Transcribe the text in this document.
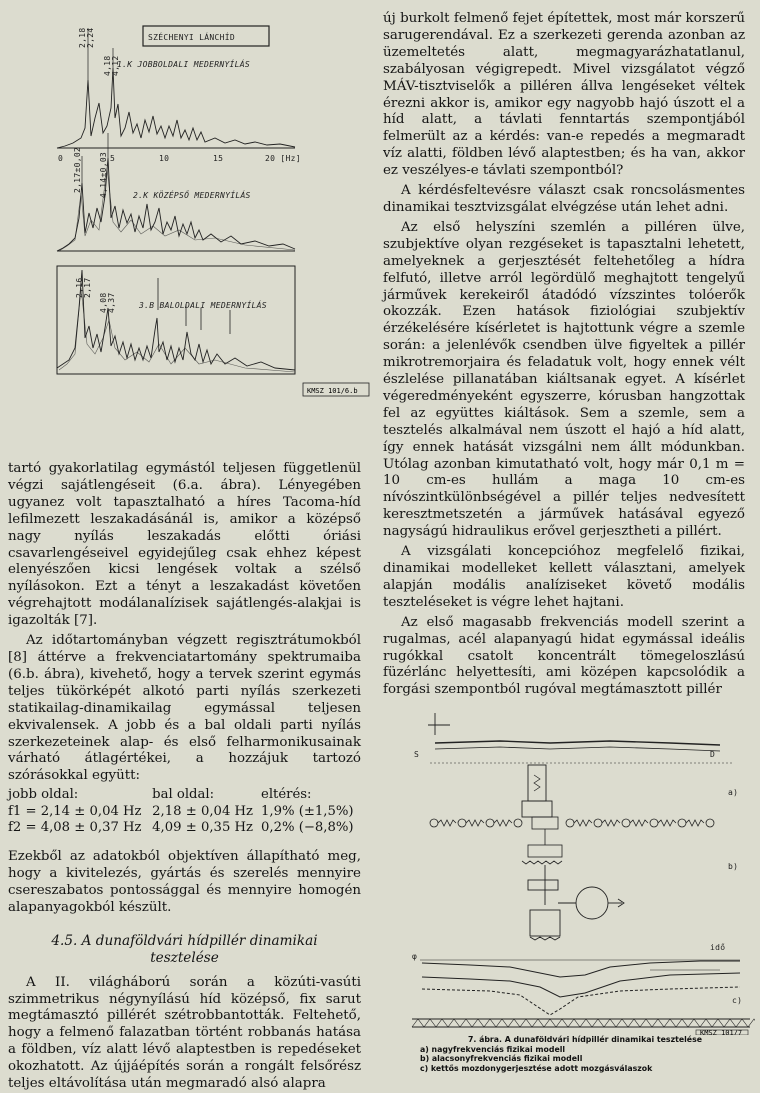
SZÉCHENYI LÁNCHÍD
1.K JOBBOLDALI MEDERNYÍLÁS
2.K KÖZÉPSŐ MEDERNYÍLÁS
3.B BALOLDALI MEDERNYÍLÁS
2,18 2,24
4,18 4,12
2,17±0,02 4,14±0,03
2,16 2,17
4,08 4,37
0	5	10	15	20 [Hz]
KMSZ 101/6.b

tartó gyakorlatilag egymástól teljesen függetlenül végzi sajátlengéseit (6.a. ábra). Lényegében ugyanez volt tapasztalható a híres Tacoma-híd lefilmezett leszakadásánál is, amikor a középső nagy nyílás leszakadás előtti óriási csavarlengéseivel egyidejűleg csak ehhez képest elenyészően kicsi lengések voltak a szélső nyílásokon. Ezt a tényt a leszakadást követően végrehajtott modálanalízisek sajátlengés-alakjai is igazolták [7].

Az időtartományban végzett regisztrátumokból [8] áttérve a frekvenciatartomány spektrumaiba (6.b. ábra), kivehető, hogy a tervek szerint egymás teljes tükörképét alkotó parti nyílás szerkezeti statikailag-dinamikailag egymással teljesen ekvivalensek. A jobb és a bal oldali parti nyílás szerkezeteinek alap- és első felharmonikusainak várható átlagértékei, a hozzájuk tartozó szórásokkal együtt:

jobb oldal:	bal oldal:	eltérés:
f1 = 2,14 ± 0,04 Hz	2,18 ± 0,04 Hz	1,9% (±1,5%)
f2 = 4,08 ± 0,37 Hz	4,09 ± 0,35 Hz	0,2% (−8,8%)

Ezekből az adatokból objektíven állapítható meg, hogy a kivitelezés, gyártás és szerelés mennyire csereszabatos pontossággal és mennyire homogén alapanyagokból készült.

4.5. A dunaföldvári hídpillér dinamikai tesztelése

A II. világháború során a közúti-vasúti szimmetrikus négynyílású híd középső, fix sarut megtámasztó pillérét szétrobbantották. Feltehető, hogy a felmenő falazatban történt robbanás hatása a földben, víz alatt lévő alaptestben is repedéseket okozhatott. Az újjáépítés során a rongált felsőrész teljes eltávolítása után megmaradó alsó alapra

új burkolt felmenő fejet építettek, most már korszerű sarugerendával. Ez a szerkezeti gerenda azonban az üzemeltetés alatt, megmagyarázhatatlanul, szabályosan végigrepedt. Mivel vizsgálatot végző MÁV-tisztviselők a pilléren állva lengéseket véltek érezni akkor is, amikor egy nagyobb hajó úszott el a híd alatt, a távlati fenntartás szempontjából felmerült az a kérdés: van-e repedés a megmaradt víz alatti, földben lévő alaptestben; és ha van, akkor ez veszélyes-e távlati szempontból?

A kérdésfeltevésre választ csak roncsolásmentes dinamikai tesztvizsgálat elvégzése után lehet adni.

Az első helyszíni szemlén a pilléren ülve, szubjektíve olyan rezgéseket is tapasztalni lehetett, amelyeknek a gerjesztését feltehetőleg a hídra felfutó, illetve arról legördülő meghajtott tengelyű járművek kerekeiről átadódó vízszintes tolóerők okozzák. Ezen hatások fiziológiai szubjektív érzékelésére kísérletet is hajtottunk végre a szemle során: a jelenlévők csendben ülve figyeltek a pillér mikrotremorjaira és feladatuk volt, hogy ennek vélt észlelése pillanatában kiáltsanak egyet. A kísérlet végeredményeként egyszerre, kórusban hangzottak fel az együttes kiáltások. Sem a szemle, sem a tesztelés alkalmával nem úszott el hajó a híd alatt, így ennek hatását vizsgálni nem állt módunkban. Utólag azonban kimutatható volt, hogy már 0,1 m = 10 cm-es hullám a maga 10 cm-es nívószintkülönbségével a pillér teljes nedvesített keresztmetszetén a járművek hatásával egyező nagyságú hidraulikus erővel gerjesztheti a pillért.

A vizsgálati koncepcióhoz megfelelő fizikai, dinamikai modelleket kellett választani, amelyek alapján modális analíziseket követő modális teszteléseket is végre lehet hajtani.

Az első magasabb frekvenciás modell szerint a rugalmas, acél alapanyagú hidat egymással ideális rugókkal csatolt koncentrált tömegeloszlású füzérlánc helyettesíti, ami középen kapcsolódik a forgási szempontból rugóval megtámasztott pillér

a)
b)
c)
φ
S	D
idő
KMSZ 101/7
7. ábra. A dunaföldvári hídpillér dinamikai tesztelése
a) nagyfrekvenciás fizikai modell
b) alacsonyfrekvenciás fizikai modell
c) kettős mozdonygerjesztése adott mozgásválaszok
